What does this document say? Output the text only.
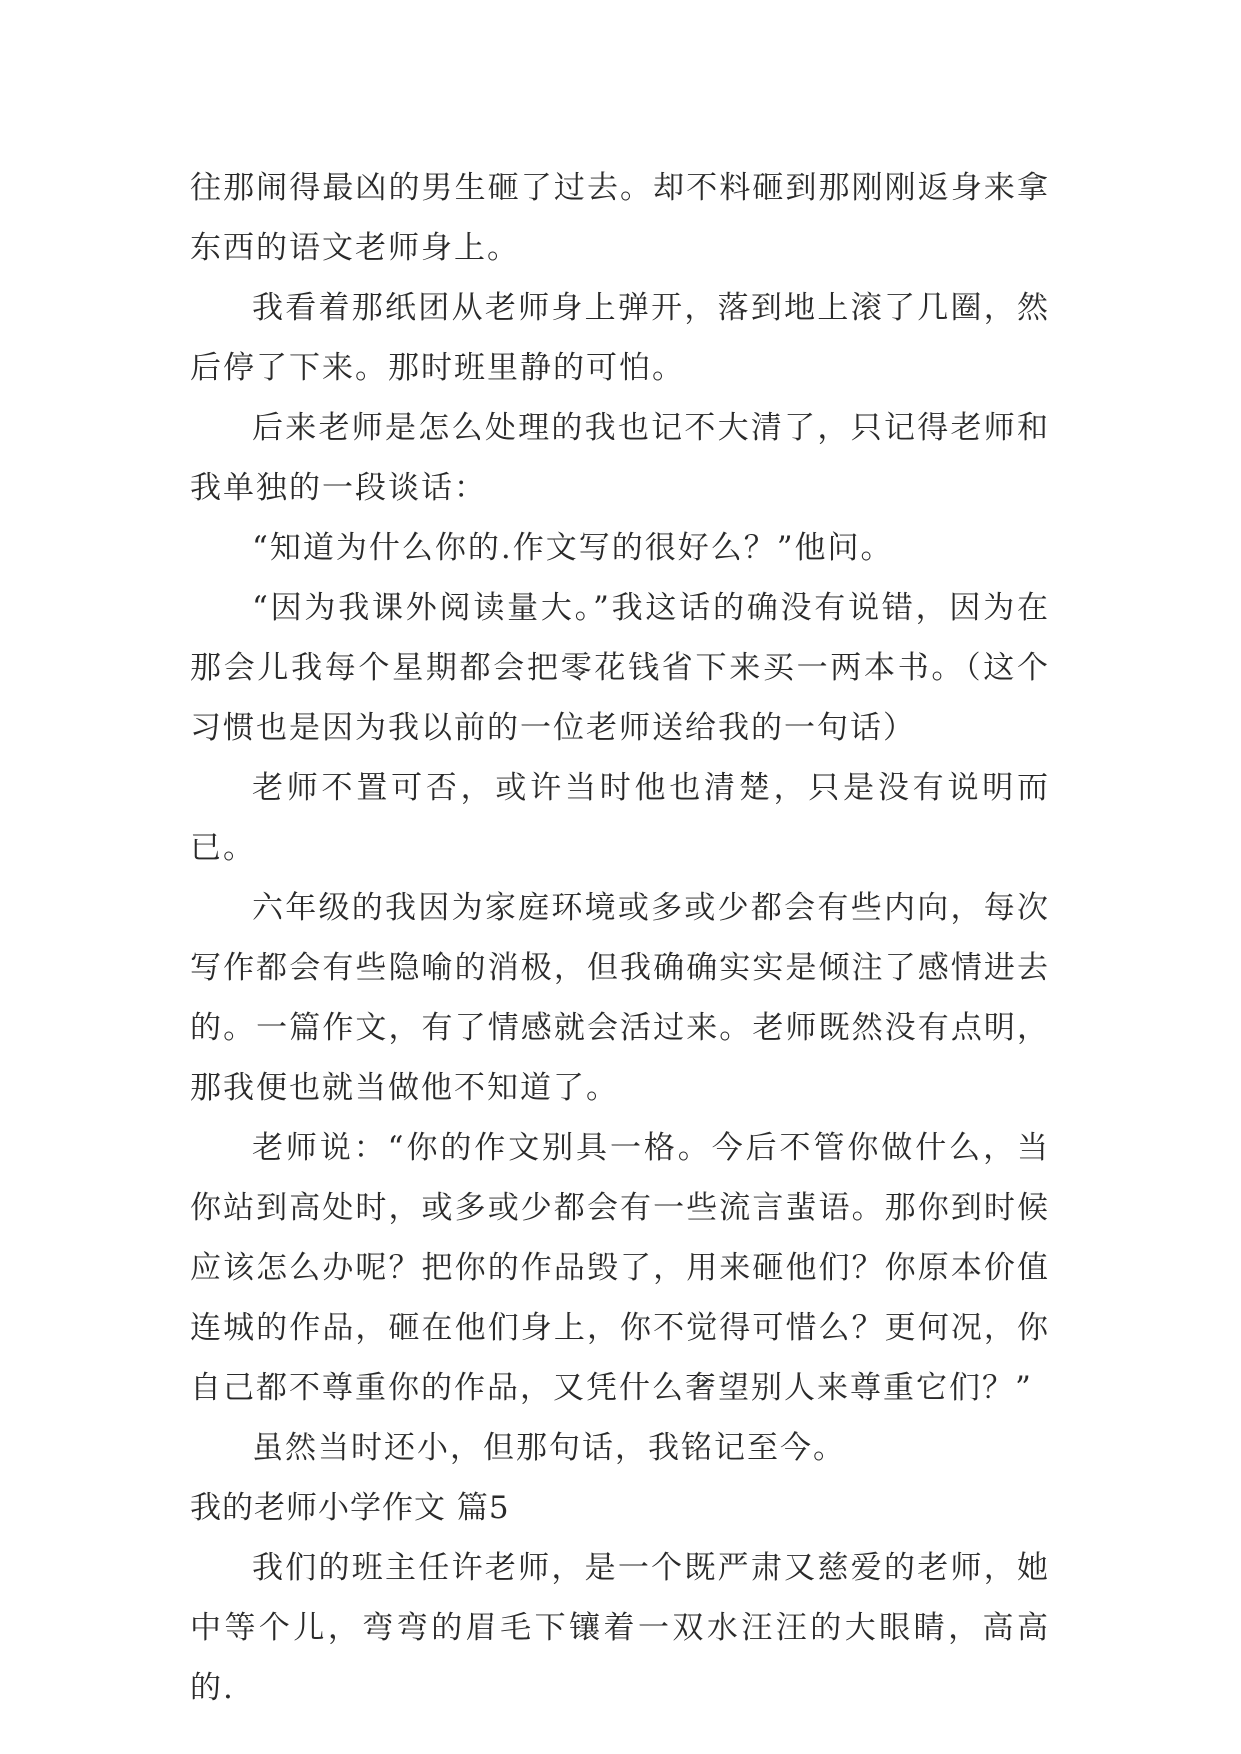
往那闹得最凶的男生砸了过去。却不料砸到那刚刚返身来拿东西的语文老师身上。

我看着那纸团从老师身上弹开，落到地上滚了几圈，然后停了下来。那时班里静的可怕。

后来老师是怎么处理的我也记不大清了，只记得老师和我单独的一段谈话：

“知道为什么你的.作文写的很好么？”他问。

“因为我课外阅读量大。”我这话的确没有说错，因为在那会儿我每个星期都会把零花钱省下来买一两本书。（这个习惯也是因为我以前的一位老师送给我的一句话）

老师不置可否，或许当时他也清楚，只是没有说明而已。

六年级的我因为家庭环境或多或少都会有些内向，每次写作都会有些隐喻的消极，但我确确实实是倾注了感情进去的。一篇作文，有了情感就会活过来。老师既然没有点明，那我便也就当做他不知道了。

老师说：“你的作文别具一格。今后不管你做什么，当你站到高处时，或多或少都会有一些流言蜚语。那你到时候应该怎么办呢？把你的作品毁了，用来砸他们？你原本价值连城的作品，砸在他们身上，你不觉得可惜么？更何况，你自己都不尊重你的作品，又凭什么奢望别人来尊重它们？”

虽然当时还小，但那句话，我铭记至今。

我的老师小学作文 篇5

我们的班主任许老师，是一个既严肃又慈爱的老师，她中等个儿，弯弯的眉毛下镶着一双水汪汪的大眼睛，高高的.
